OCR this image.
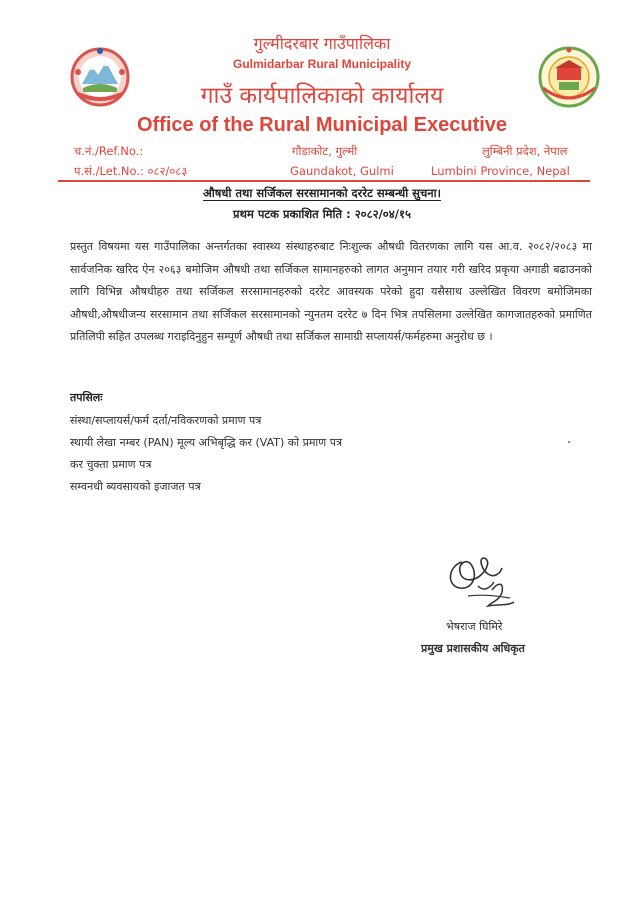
गुल्मीदरबार गाउँपालिका
Gulmidarbar Rural Municipality
गाउँ कार्यपालिकाको कार्यालय
Office of the Rural Municipal Executive
च.नं./Ref.No.:
प.सं./Let.No.: ०८२/०८३
गौडाकोट, गुल्मी
Gaundakot, Gulmi
लुम्बिनी प्रदेश, नेपाल
Lumbini Province, Nepal
औषधी तथा सर्जिकल सरसामानको दररेट सम्बन्धी सुचना।
प्रथम पटक प्रकाशित मिति : २०८२/०४/१५
प्रस्तुत विषयमा यस गाउँपालिका अन्तर्गतका स्वास्थ्य संस्थाहरुबाट निःशुल्क औषधी वितरणका लागि यस आ.व. २०८२/२०८३ मा सार्वजनिक खरिद ऐन २०६३ बमोजिम औषधी तथा सर्जिकल सामानहरुको लागत अनुमान तयार गरी खरिद प्रकृया अगाडी बढाउनको लागि विभिन्न औषधीहरु तथा सर्जिकल सरसामानहरुको दररेट आवस्यक परेको हुदा यसैसाथ उल्लेखित विवरण बमोजिमका औषधी,औषधीजन्य सरसामान तथा सर्जिकल सरसामानको न्युनतम दररेट ७ दिन भित्र तपसिलमा उल्लेखित कागजातहरुको प्रमाणित प्रतिलिपी सहित उपलब्ध गराइदिनुहुन सम्पूर्ण औषधी तथा सर्जिकल सामाग्री सप्लायर्स/फर्महरुमा अनुरोध छ ।
तपसिलः
संस्था/सप्लायर्स/फर्म दर्ता/नविकरणको प्रमाण पत्र
स्थायी लेखा नम्बर (PAN) मूल्य अभिबृद्धि कर (VAT) को प्रमाण पत्र
कर चुक्ता प्रमाण पत्र
सम्वनधी ब्यवसायको इजाजत पत्र
भेषराज घिमिरे
प्रमुख प्रशासकीय अधिकृत
